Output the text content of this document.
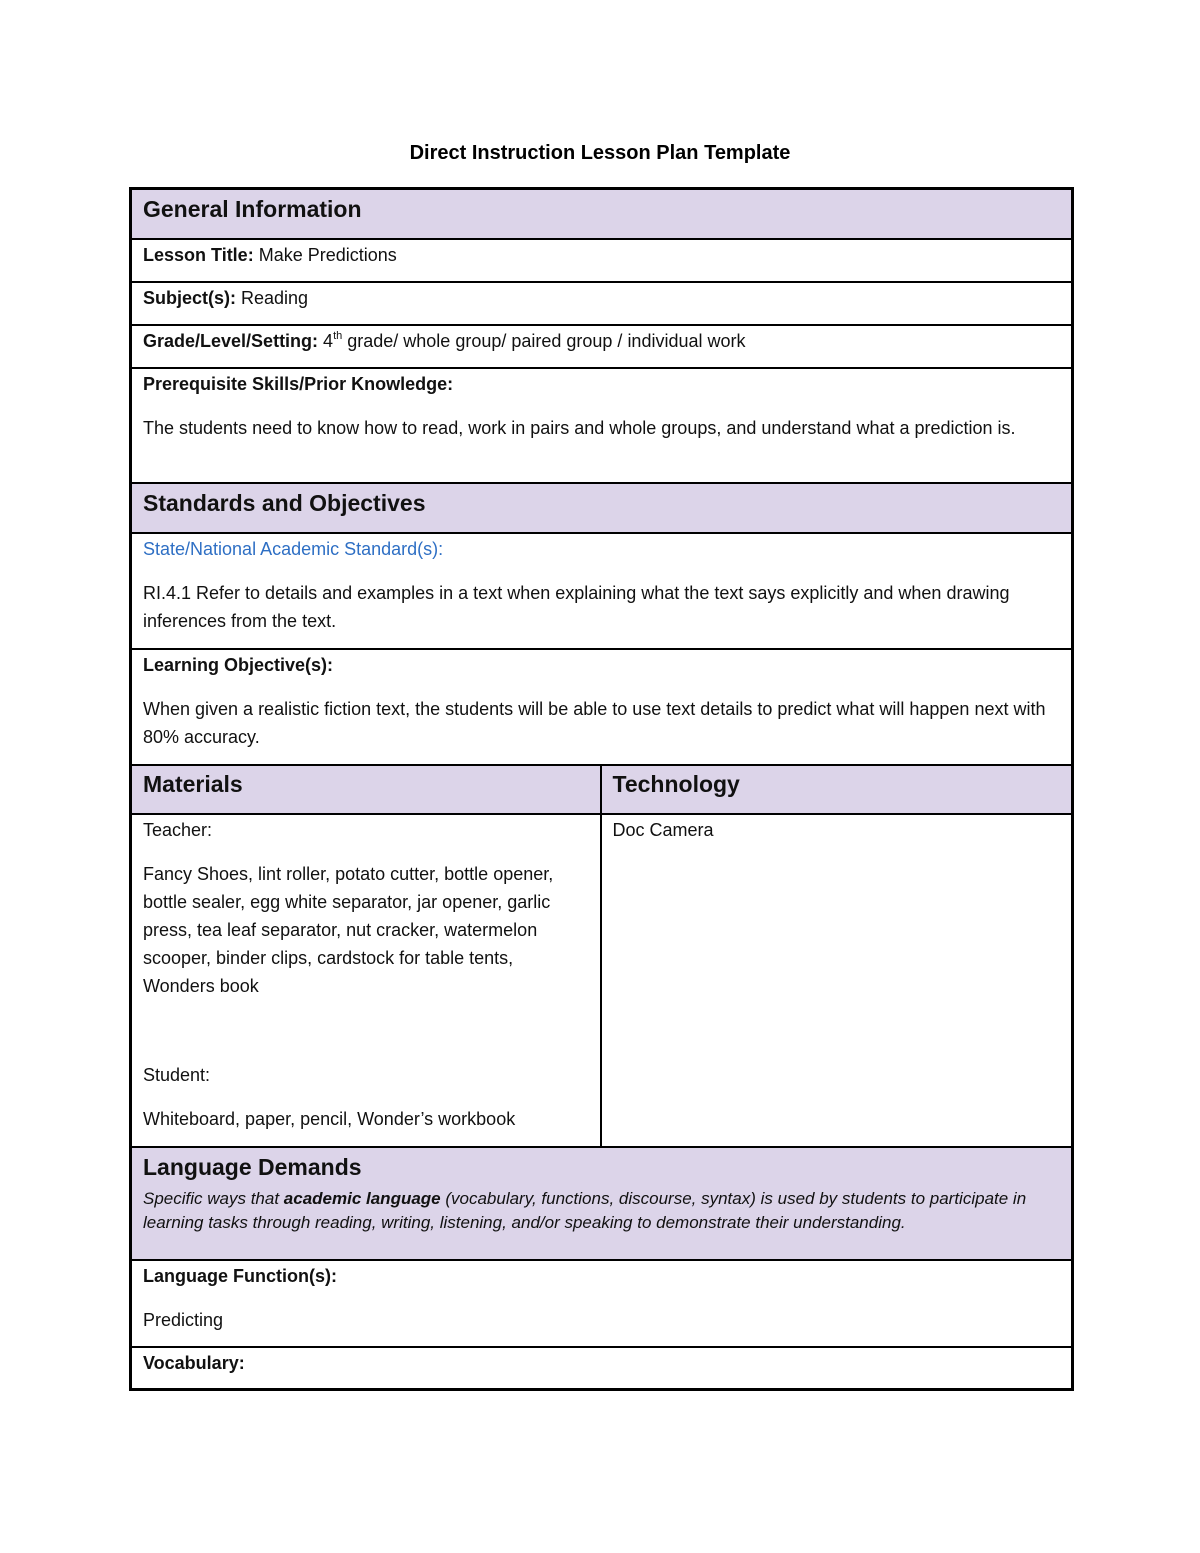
Direct Instruction Lesson Plan Template
General Information	

Lesson Title: Make Predictions	
Subject(s): Reading	
Grade/Level/Setting: 4th grade/ whole group/ paired group / individual work	

Prerequisite Skills/Prior Knowledge:

The students need to know how to read, work in pairs and whole groups, and understand what a prediction is.	

Standards and Objectives	

State/National Academic Standard(s):

RI.4.1 Refer to details and examples in a text when explaining what the text says explicitly and when drawing inferences from the text.	

Learning Objective(s):

When given a realistic fiction text, the students will be able to use text details to predict what will happen next with 80% accuracy.	

Materials	Technology

Teacher:

Fancy Shoes, lint roller, potato cutter, bottle opener, bottle sealer, egg white separator, jar opener, garlic press, tea leaf separator, nut cracker, watermelon scooper, binder clips, cardstock for table tents, Wonders book

Student:

Whiteboard, paper, pencil, Wonder’s workbook	Doc Camera

Language Demands

Specific ways that academic language (vocabulary, functions, discourse, syntax) is used by students to participate in learning tasks through reading, writing, listening, and/or speaking to demonstrate their understanding.	

Language Function(s):

Predicting	

Vocabulary:	
